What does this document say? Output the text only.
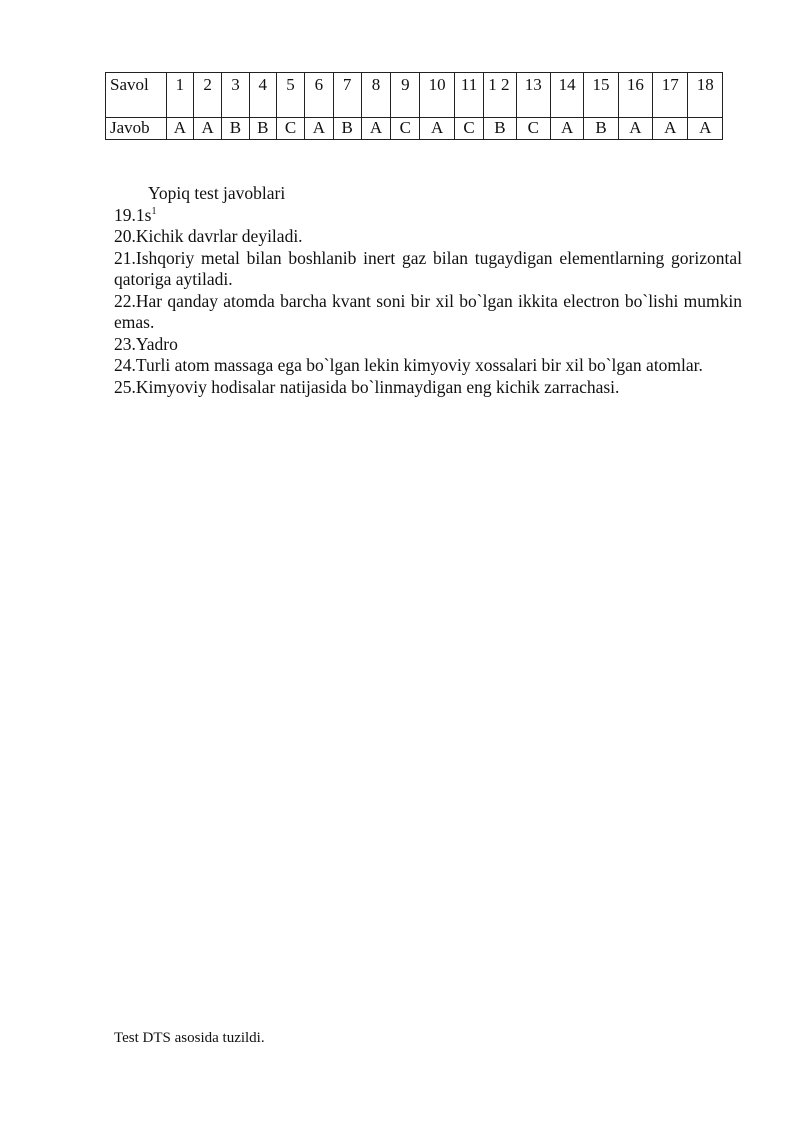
Savol	1	2	3	4	5	6	7	8	9	10	11	1 2	13	14	15	16	17	18
Javob	A	A	B	B	C	A	B	A	C	A	C	B	C	A	B	A	A	A

Yopiq test javoblari

$19.1s^1$

20.Kichik davrlar deyiladi.

21.Ishqoriy metal bilan boshlanib inert gaz bilan tugaydigan elementlarning gorizontal qatoriga aytiladi.

22.Har qanday atomda barcha kvant soni bir xil bo`lgan ikkita electron bo`lishi mumkin emas.

23.Yadro

24.Turli atom massaga ega bo`lgan lekin kimyoviy xossalari bir xil bo`lgan atomlar.

25.Kimyoviy hodisalar natijasida bo`linmaydigan eng kichik zarrachasi.

Test DTS asosida tuzildi.
